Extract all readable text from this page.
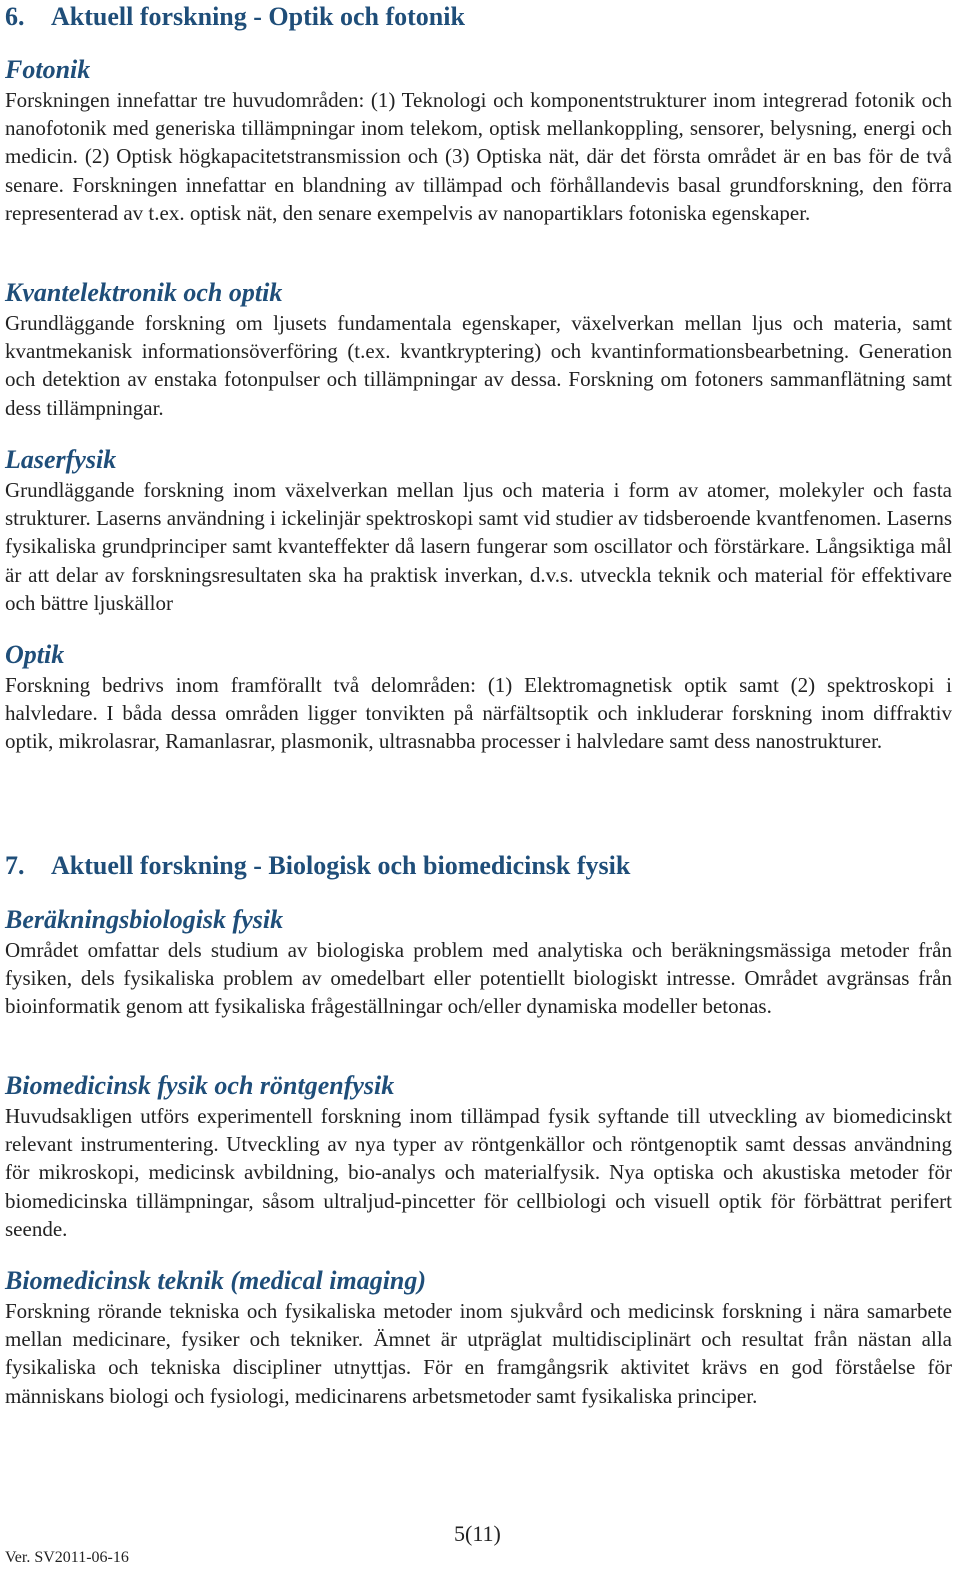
6. Aktuell forskning - Optik och fotonik
Fotonik

Forskningen innefattar tre huvudområden: (1) Teknologi och komponentstrukturer inom integrerad fotonik och nanofotonik med generiska tillämpningar inom telekom, optisk mellankoppling, sensorer, belysning, energi och medicin. (2) Optisk högkapacitetstransmission och (3) Optiska nät, där det första området är en bas för de två senare. Forskningen innefattar en blandning av tillämpad och förhållandevis basal grundforskning, den förra representerad av t.ex. optisk nät, den senare exempelvis av nanopartiklars fotoniska egenskaper.

Kvantelektronik och optik

Grundläggande forskning om ljusets fundamentala egenskaper, växelverkan mellan ljus och materia, samt kvantmekanisk informationsöverföring (t.ex. kvantkryptering) och kvantinformationsbearbetning. Generation och detektion av enstaka fotonpulser och tillämpningar av dessa. Forskning om fotoners sammanflätning samt dess tillämpningar.

Laserfysik

Grundläggande forskning inom växelverkan mellan ljus och materia i form av atomer, molekyler och fasta strukturer. Laserns användning i ickelinjär spektroskopi samt vid studier av tidsberoende kvantfenomen. Laserns fysikaliska grundprinciper samt kvanteffekter då lasern fungerar som oscillator och förstärkare. Långsiktiga mål är att delar av forskningsresultaten ska ha praktisk inverkan, d.v.s. utveckla teknik och material för effektivare och bättre ljuskällor

Optik

Forskning bedrivs inom framförallt två delområden: (1) Elektromagnetisk optik samt (2) spektroskopi i halvledare. I båda dessa områden ligger tonvikten på närfältsoptik och inkluderar forskning inom diffraktiv optik, mikrolasrar, Ramanlasrar, plasmonik, ultrasnabba processer i halvledare samt dess nanostrukturer.

7. Aktuell forskning - Biologisk och biomedicinsk fysik
Beräkningsbiologisk fysik

Området omfattar dels studium av biologiska problem med analytiska och beräkningsmässiga metoder från fysiken, dels fysikaliska problem av omedelbart eller potentiellt biologiskt intresse. Området avgränsas från bioinformatik genom att fysikaliska frågeställningar och/eller dynamiska modeller betonas.

Biomedicinsk fysik och röntgenfysik

Huvudsakligen utförs experimentell forskning inom tillämpad fysik syftande till utveckling av biomedicinskt relevant instrumentering. Utveckling av nya typer av röntgenkällor och röntgenoptik samt dessas användning för mikroskopi, medicinsk avbildning, bio-analys och materialfysik. Nya optiska och akustiska metoder för biomedicinska tillämpningar, såsom ultraljud-pincetter för cellbiologi och visuell optik för förbättrat perifert seende.

Biomedicinsk teknik (medical imaging)

Forskning rörande tekniska och fysikaliska metoder inom sjukvård och medicinsk forskning i nära samarbete mellan medicinare, fysiker och tekniker. Ämnet är utpräglat multidisciplinärt och resultat från nästan alla fysikaliska och tekniska discipliner utnyttjas. För en framgångsrik aktivitet krävs en god förståelse för människans biologi och fysiologi, medicinarens arbetsmetoder samt fysikaliska principer.

5(11)
Ver. SV2011-06-16
